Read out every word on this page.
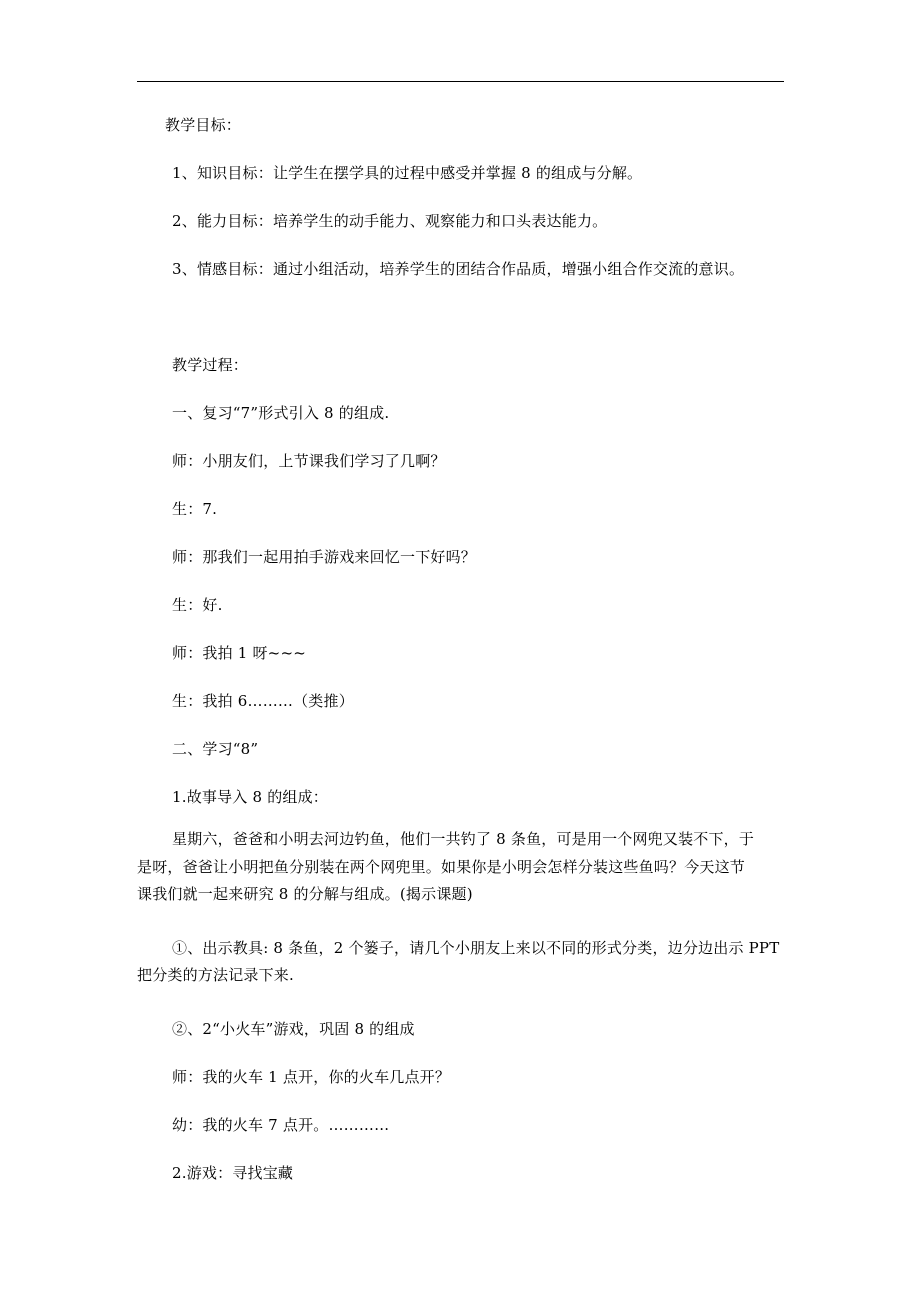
教学目标：
1、知识目标：让学生在摆学具的过程中感受并掌握 8 的组成与分解。
2、能力目标：培养学生的动手能力、观察能力和口头表达能力。
3、情感目标：通过小组活动，培养学生的团结合作品质，增强小组合作交流的意识。
教学过程：
一、复习“7”形式引入 8 的组成.
师：小朋友们，上节课我们学习了几啊？
生：7.
师：那我们一起用拍手游戏来回忆一下好吗？
生：好.
师：我拍 1 呀~~~
生：我拍 6………（类推）
二、学习“8”
1.故事导入 8 的组成：
星期六，爸爸和小明去河边钓鱼，他们一共钓了 8 条鱼，可是用一个网兜又装不下，于
是呀，爸爸让小明把鱼分别装在两个网兜里。如果你是小明会怎样分装这些鱼吗？今天这节
课我们就一起来研究 8 的分解与组成。(揭示课题)
①、出示教具: 8 条鱼，2 个篓子，请几个小朋友上来以不同的形式分类，边分边出示 PPT
把分类的方法记录下来.
②、2“小火车”游戏，巩固 8 的组成
师：我的火车 1 点开，你的火车几点开？
幼：我的火车 7 点开。…………
2.游戏：寻找宝藏
